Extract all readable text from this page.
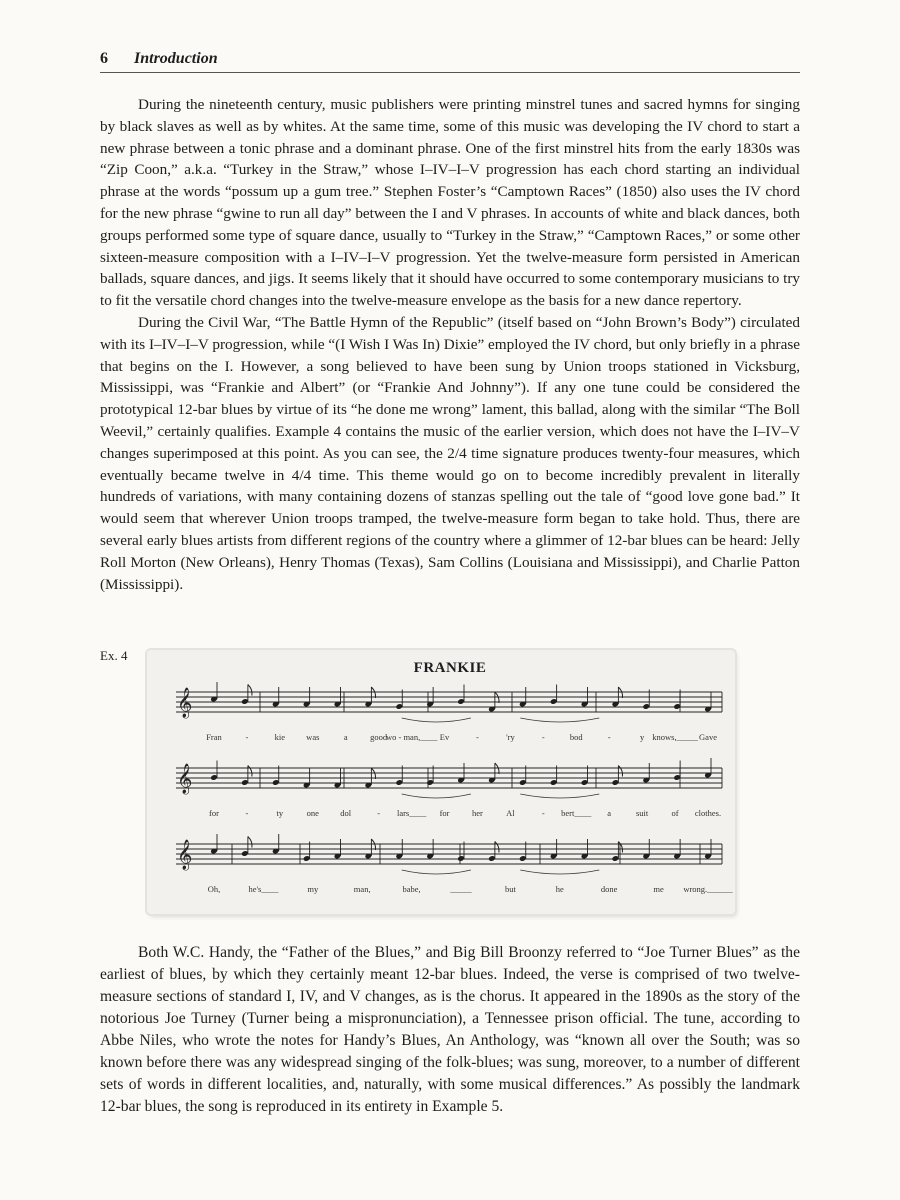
6 Introduction

During the nineteenth century, music publishers were printing minstrel tunes and sacred hymns for singing by black slaves as well as by whites. At the same time, some of this music was developing the IV chord to start a new phrase between a tonic phrase and a dominant phrase. One of the first minstrel hits from the early 1830s was “Zip Coon,” a.k.a. “Turkey in the Straw,” whose I–IV–I–V progression has each chord starting an individual phrase at the words “possum up a gum tree.” Stephen Foster’s “Camptown Races” (1850) also uses the IV chord for the new phrase “gwine to run all day” between the I and V phrases. In accounts of white and black dances, both groups performed some type of square dance, usually to “Turkey in the Straw,” “Camptown Races,” or some other sixteen-measure composition with a I–IV–I–V progression. Yet the twelve-measure form persisted in American ballads, square dances, and jigs. It seems likely that it should have occurred to some contemporary musicians to try to fit the versatile chord changes into the twelve-measure envelope as the basis for a new dance repertory.

During the Civil War, “The Battle Hymn of the Republic” (itself based on “John Brown’s Body”) circulated with its I–IV–I–V progression, while “(I Wish I Was In) Dixie” employed the IV chord, but only briefly in a phrase that begins on the I. However, a song believed to have been sung by Union troops stationed in Vicksburg, Mississippi, was “Frankie and Albert” (or “Frankie And Johnny”). If any one tune could be considered the prototypical 12-bar blues by virtue of its “he done me wrong” lament, this ballad, along with the similar “The Boll Weevil,” certainly qualifies. Example 4 contains the music of the earlier version, which does not have the I–IV–V changes superimposed at this point. As you can see, the 2/4 time signature produces twenty-four measures, which eventually became twelve in 4/4 time. This theme would go on to become incredibly prevalent in literally hundreds of variations, with many containing dozens of stanzas spelling out the tale of “good love gone bad.” It would seem that wherever Union troops tramped, the twelve-measure form began to take hold. Thus, there are several early blues artists from different regions of the country where a glimmer of 12-bar blues can be heard: Jelly Roll Morton (New Orleans), Henry Thomas (Texas), Sam Collins (Louisiana and Mississippi), and Charlie Patton (Mississippi).

Ex. 4
FRANKIE
𝄞
𝄞
𝄞
Fran	-	kie was	a	good
wo - man,____ Ev	-	'ry	-	bod	-	y knows,_____ Gave
for	-	ty	one	dol	- lars____ for	her	Al	- bert____ a	suit	of clothes.
Oh,	he's____	my	man,	babe,	_____	but	he	done	me wrong.______

Both W.C. Handy, the “Father of the Blues,” and Big Bill Broonzy referred to “Joe Turner Blues” as the earliest of blues, by which they certainly meant 12-bar blues. Indeed, the verse is comprised of two twelve-measure sections of standard I, IV, and V changes, as is the chorus. It appeared in the 1890s as the story of the notorious Joe Turney (Turner being a mispronunciation), a Tennessee prison official. The tune, according to Abbe Niles, who wrote the notes for Handy’s Blues, An Anthology, was “known all over the South; was so known before there was any widespread singing of the folk-blues; was sung, moreover, to a number of different sets of words in different localities, and, naturally, with some musical differences.” As possibly the landmark 12-bar blues, the song is reproduced in its entirety in Example 5.
